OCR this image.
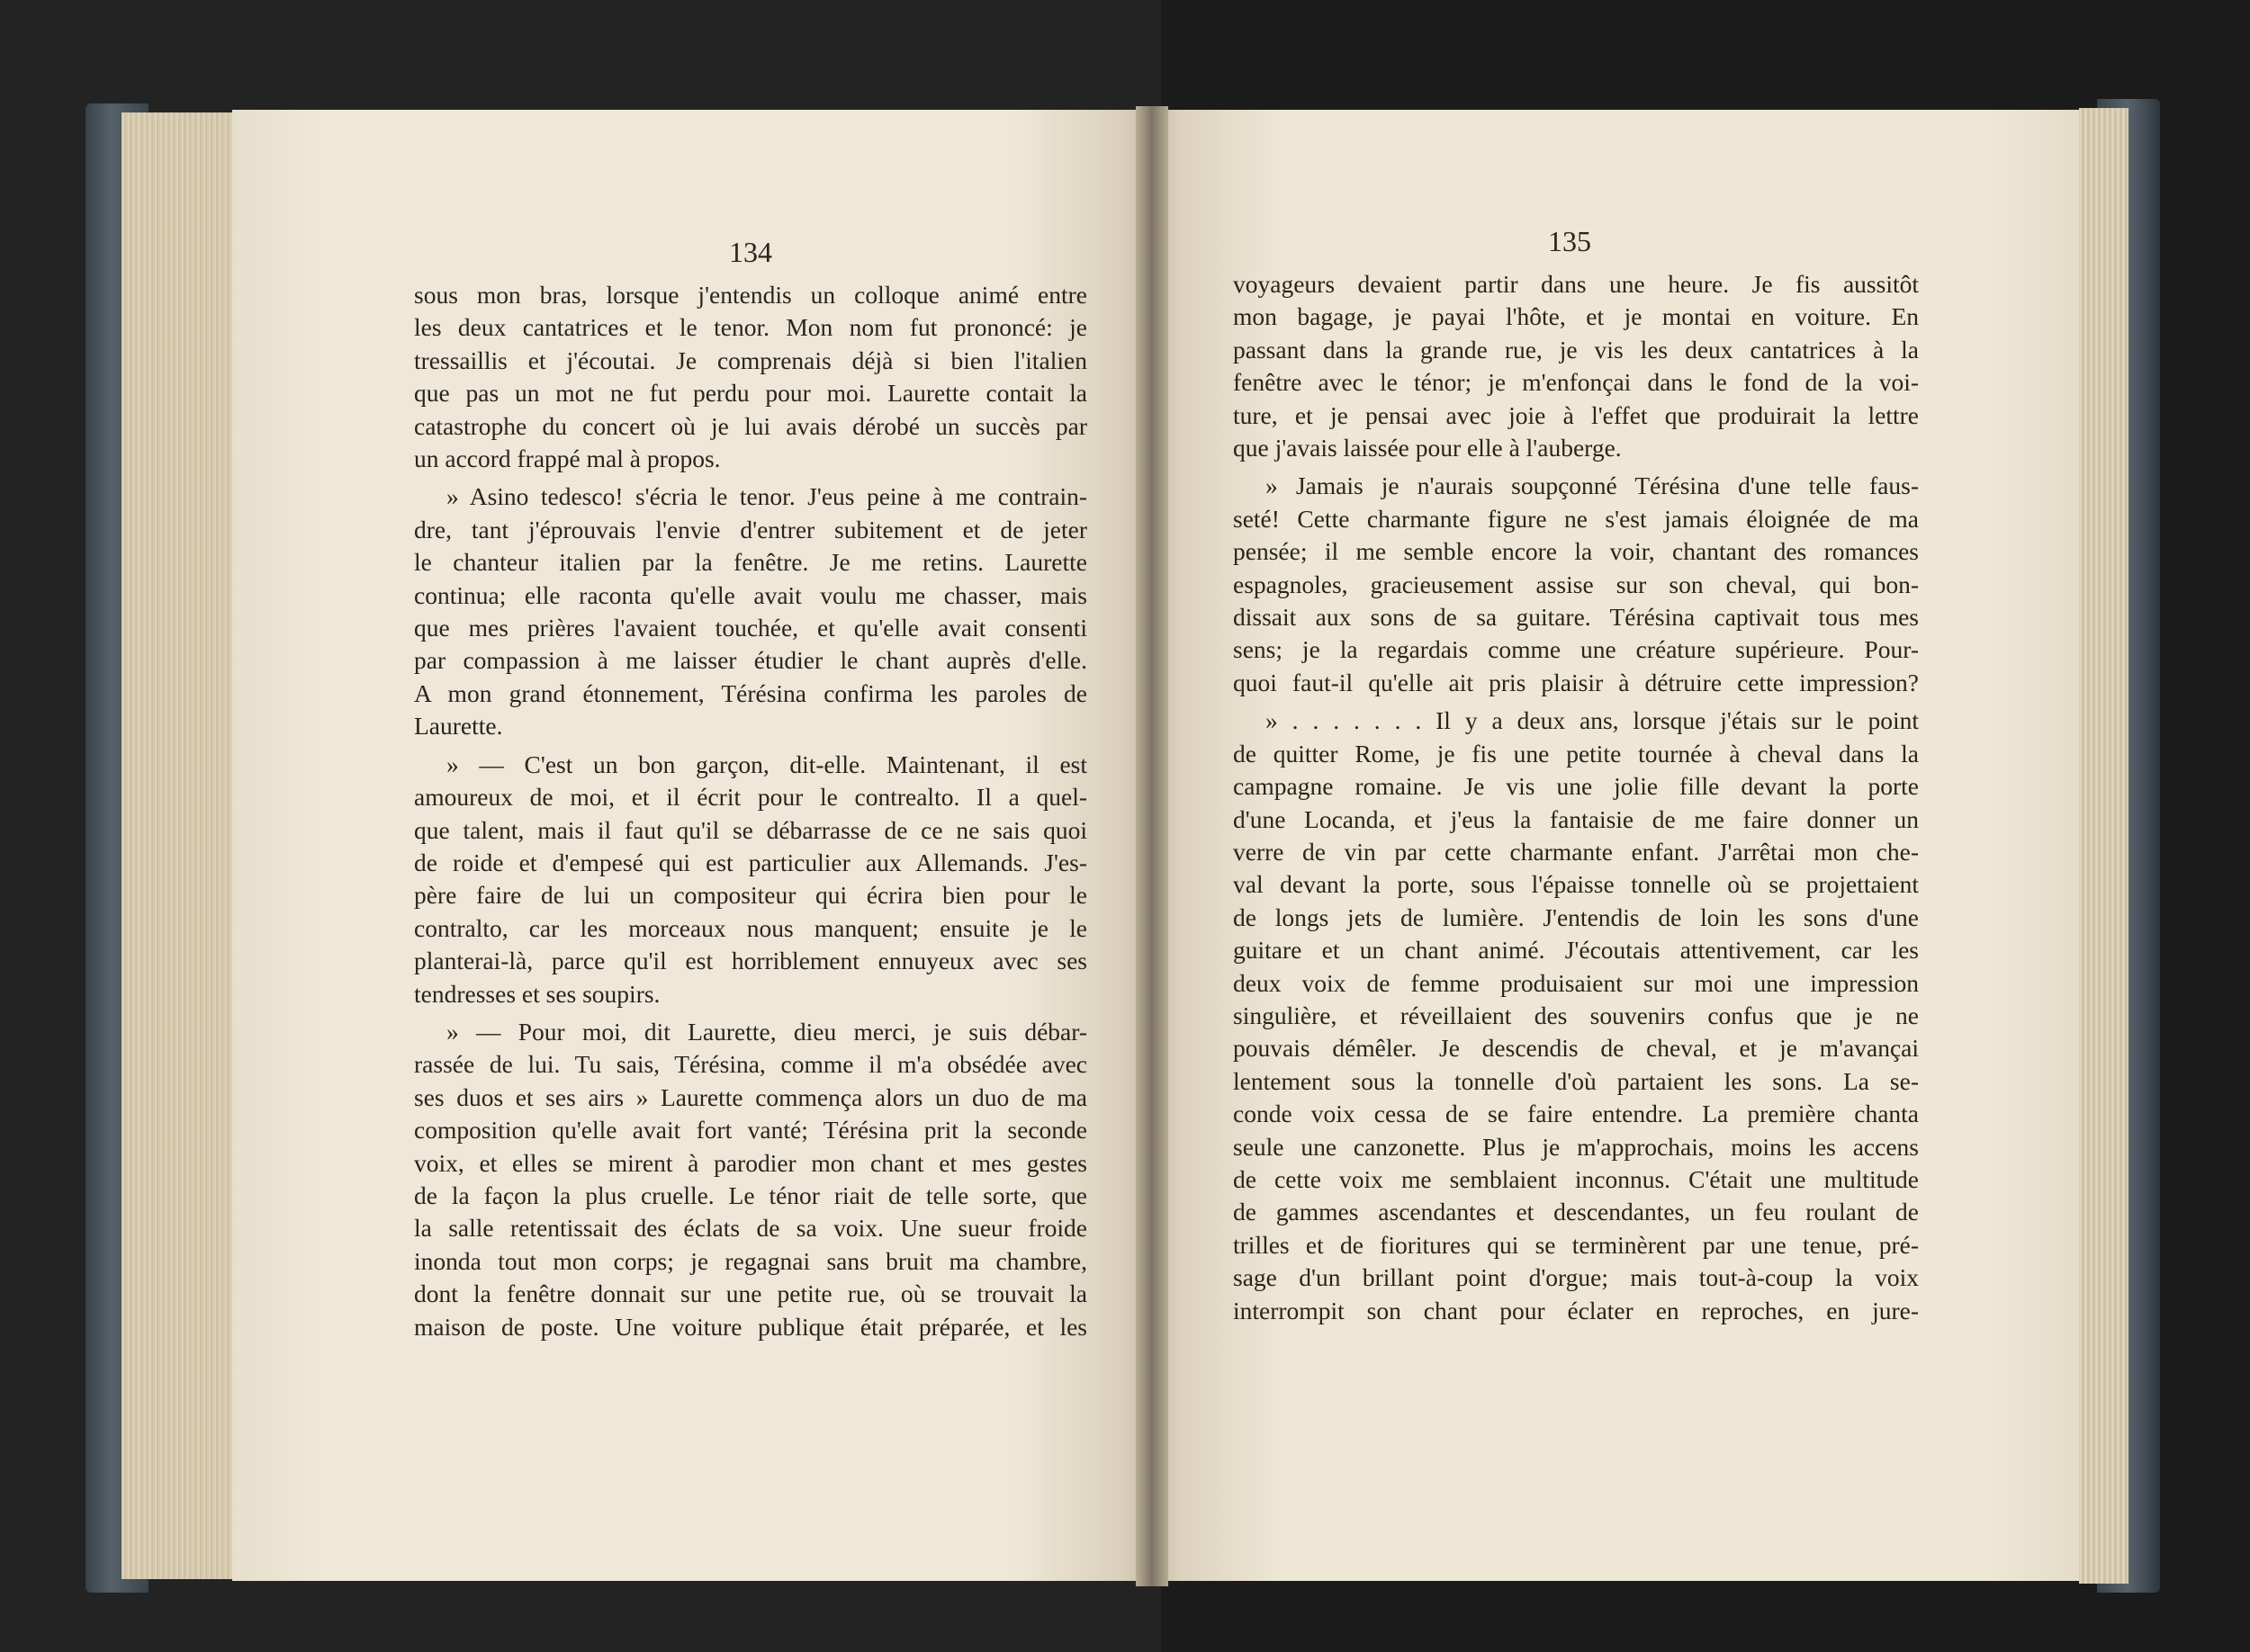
134	135
sous mon bras, lorsque j'entendis un colloque animé entre
les deux cantatrices et le tenor. Mon nom fut prononcé: je
tressaillis et j'écoutai. Je comprenais déjà si bien l'italien
que pas un mot ne fut perdu pour moi. Laurette contait la
catastrophe du concert où je lui avais dérobé un succès par
un accord frappé mal à propos.
» Asino tedesco! s'écria le tenor. J'eus peine à me contrain-
dre, tant j'éprouvais l'envie d'entrer subitement et de jeter
le chanteur italien par la fenêtre. Je me retins. Laurette
continua; elle raconta qu'elle avait voulu me chasser, mais
que mes prières l'avaient touchée, et qu'elle avait consenti
par compassion à me laisser étudier le chant auprès d'elle.
A mon grand étonnement, Térésina confirma les paroles de
Laurette.
» — C'est un bon garçon, dit-elle. Maintenant, il est
amoureux de moi, et il écrit pour le contrealto. Il a quel-
que talent, mais il faut qu'il se débarrasse de ce ne sais quoi
de roide et d'empesé qui est particulier aux Allemands. J'es-
père faire de lui un compositeur qui écrira bien pour le
contralto, car les morceaux nous manquent; ensuite je le
planterai-là, parce qu'il est horriblement ennuyeux avec ses
tendresses et ses soupirs.
» — Pour moi, dit Laurette, dieu merci, je suis débar-
rassée de lui. Tu sais, Térésina, comme il m'a obsédée avec
ses duos et ses airs » Laurette commença alors un duo de ma
composition qu'elle avait fort vanté; Térésina prit la seconde
voix, et elles se mirent à parodier mon chant et mes gestes
de la façon la plus cruelle. Le ténor riait de telle sorte, que
la salle retentissait des éclats de sa voix. Une sueur froide
inonda tout mon corps; je regagnai sans bruit ma chambre,
dont la fenêtre donnait sur une petite rue, où se trouvait la
maison de poste. Une voiture publique était préparée, et les
voyageurs devaient partir dans une heure. Je fis aussitôt
mon bagage, je payai l'hôte, et je montai en voiture. En
passant dans la grande rue, je vis les deux cantatrices à la
fenêtre avec le ténor; je m'enfonçai dans le fond de la voi-
ture, et je pensai avec joie à l'effet que produirait la lettre
que j'avais laissée pour elle à l'auberge.
» Jamais je n'aurais soupçonné Térésina d'une telle faus-
seté! Cette charmante figure ne s'est jamais éloignée de ma
pensée; il me semble encore la voir, chantant des romances
espagnoles, gracieusement assise sur son cheval, qui bon-
dissait aux sons de sa guitare. Térésina captivait tous mes
sens; je la regardais comme une créature supérieure. Pour-
quoi faut-il qu'elle ait pris plaisir à détruire cette impression?
» . . . . . . . Il y a deux ans, lorsque j'étais sur le point
de quitter Rome, je fis une petite tournée à cheval dans la
campagne romaine. Je vis une jolie fille devant la porte
d'une Locanda, et j'eus la fantaisie de me faire donner un
verre de vin par cette charmante enfant. J'arrêtai mon che-
val devant la porte, sous l'épaisse tonnelle où se projettaient
de longs jets de lumière. J'entendis de loin les sons d'une
guitare et un chant animé. J'écoutais attentivement, car les
deux voix de femme produisaient sur moi une impression
singulière, et réveillaient des souvenirs confus que je ne
pouvais démêler. Je descendis de cheval, et je m'avançai
lentement sous la tonnelle d'où partaient les sons. La se-
conde voix cessa de se faire entendre. La première chanta
seule une canzonette. Plus je m'approchais, moins les accens
de cette voix me semblaient inconnus. C'était une multitude
de gammes ascendantes et descendantes, un feu roulant de
trilles et de fioritures qui se terminèrent par une tenue, pré-
sage d'un brillant point d'orgue; mais tout-à-coup la voix
interrompit son chant pour éclater en reproches, en jure-
